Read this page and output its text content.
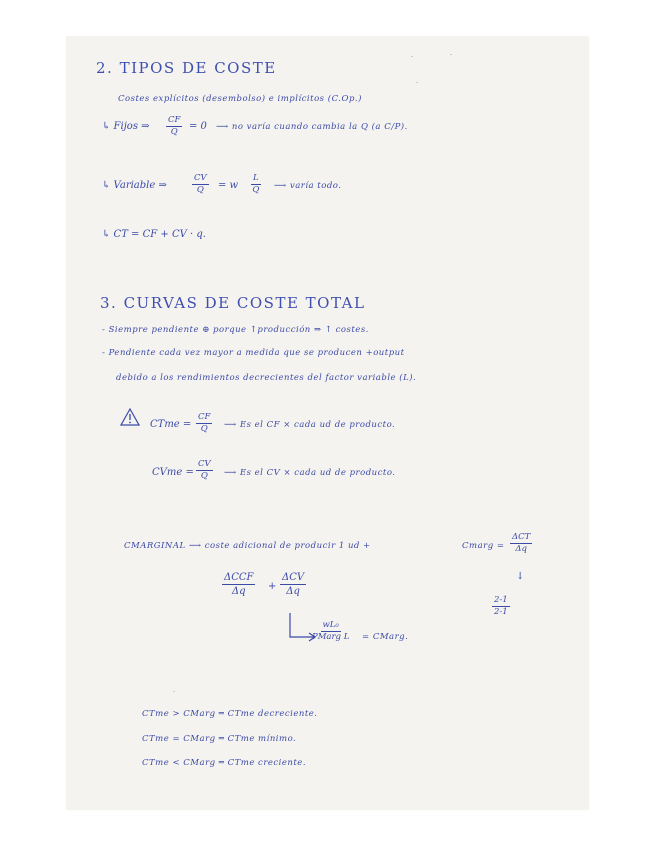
2. TIPOS DE COSTE
Costes explícitos (desembolso) e implícitos (C.Op.)
↳ Fijos ⇒ $\frac{CF}{Q} = 0$ ⟶ no varía cuando cambia la Q (a C/P).
↳ Variable ⇒	$\frac{CV}{Q} = w \frac{L}{Q}$ ⟶ varía todo.
↳ CT = CF + CV · q.
3. CURVAS DE COSTE TOTAL
- Siempre pendiente ⊕ porque ↑producción ⇒ ↑ costes.
- Pendiente cada vez mayor a medida que se producen +output
debido a los rendimientos decrecientes del factor variable (L).
CTme = $\frac{CF}{Q}$ ⟶ Es el CF × cada ud de producto.
CVme = $\frac{CV}{Q}$ ⟶ Es el CV × cada ud de producto.
CMARGINAL ⟶ coste adicional de producir 1 ud +	Cmarg =
ΔCT
Δq
↓
$\frac{2-1}{2-1}$
ΔCCF
Δq +
ΔCV
Δq
wL₀
PMarg L = CMarg.
CTme > CMarg ═ CTme decreciente.
CTme = CMarg ═ CTme mínimo.
CTme < CMarg ═ CTme creciente.
